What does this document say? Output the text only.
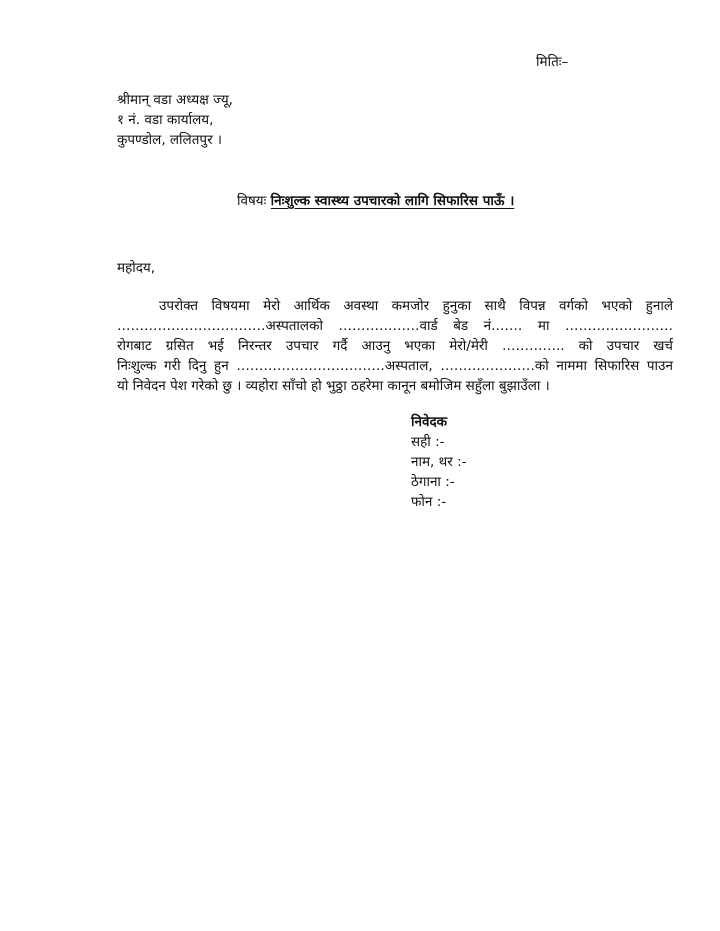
मितिः–
श्रीमान् वडा अध्यक्ष ज्यू,
१ नं. वडा कार्यालय,
कुपण्डोल, ललितपुर ।
विषयः निःशुल्क स्वास्थ्य उपचारको लागि सिफारिस पाऊँ ।
महोदय,
उपरोक्त विषयमा मेरो आर्थिक अवस्था कमजोर हुनुका साथै विपन्न वर्गको भएको हुनाले
……………………………अस्पतालको ………………वार्ड बेड नं.…… मा ……………………
रोगबाट ग्रसित भई निरन्तर उपचार गर्दै आउनु भएका मेरो/मेरी ………….. को उपचार खर्च
निःशुल्क गरी दिनु हुन ……………………………अस्पताल, …………………को नाममा सिफारिस पाउन
यो निवेदन पेश गरेको छु । व्यहोरा साँचो हो भुठ्ठा ठहरेमा कानून बमोजिम सहुँला बुझाउँला ।
निवेदक
सही :-
नाम, थर :-
ठेगाना :-
फोन :-
